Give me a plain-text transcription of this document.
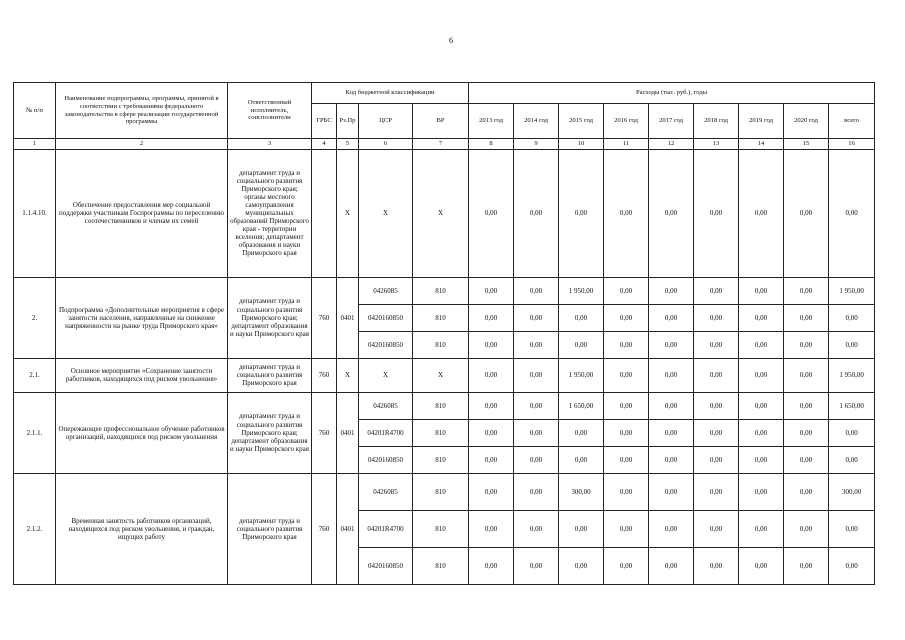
6
№ п/п	Наименование подпрограммы, программы, принятой в соответствии с требованиями федерального законодательства в сфере реализации государственной программы	Ответственный исполнитель, соисполнители	Код бюджетной классификации				Расходы (тыс. руб.), годы								
			ГРБС	Рз.Пр	ЦСР	ВР	2013 год	2014 год	2015 год	2016 год	2017 год	2018 год	2019 год	2020 год	всего
1	2	3	4	5	6	7	8	9	10	11	12	13	14	15	16
1.1.4.10.	Обеспечение предоставления мер социальной поддержки участникам Госпрограммы по переселению соотечественников и членам их семей	департамент труда и социального развития Приморского края; органы местного самоуправления муниципальных образований Приморского края - территории вселения; департамент образования и науки Приморского края		X	X	X	0,00	0,00	0,00	0,00	0,00	0,00	0,00	0,00	0,00
2.	Подпрограмма «Дополнительные мероприятия в сфере занятости населения, направленные на снижение напряженности на рынке труда Приморского края»	департамент труда и социального развития Приморского края; департамент образования и науки Приморского края	760	0401	0426085	810	0,00	0,00	1 950,00	0,00	0,00	0,00	0,00	0,00	1 950,00
					0420160850	810	0,00	0,00	0,00	0,00	0,00	0,00	0,00	0,00	0,00
					0420160850	810	0,00	0,00	0,00	0,00	0,00	0,00	0,00	0,00	0,00
2.1.	Основное мероприятие «Сохранение занятости работников, находящихся под риском увольнения»	департамент труда и социального развития Приморского края	760	X	X	X	0,00	0,00	1 950,00	0,00	0,00	0,00	0,00	0,00	1 950,00
2.1.1.	Опережающее профессиональное обучение работников организаций, находящихся под риском увольнения	департамент труда и социального развития Приморского края; департамент образования и науки Приморского края	760	0401	0426085	810	0,00	0,00	1 650,00	0,00	0,00	0,00	0,00	0,00	1 650,00
					04201R4700	810	0,00	0,00	0,00	0,00	0,00	0,00	0,00	0,00	0,00
					0420160850	810	0,00	0,00	0,00	0,00	0,00	0,00	0,00	0,00	0,00
2.1.2.	Временная занятость работников организаций, находящихся под риском увольнения, и граждан, ищущих работу	департамент труда и социального развития Приморского края	760	0401	0426085	810	0,00	0,00	300,00	0,00	0,00	0,00	0,00	0,00	300,00
					04201R4700	810	0,00	0,00	0,00	0,00	0,00	0,00	0,00	0,00	0,00
					0420160850	810	0,00	0,00	0,00	0,00	0,00	0,00	0,00	0,00	0,00
